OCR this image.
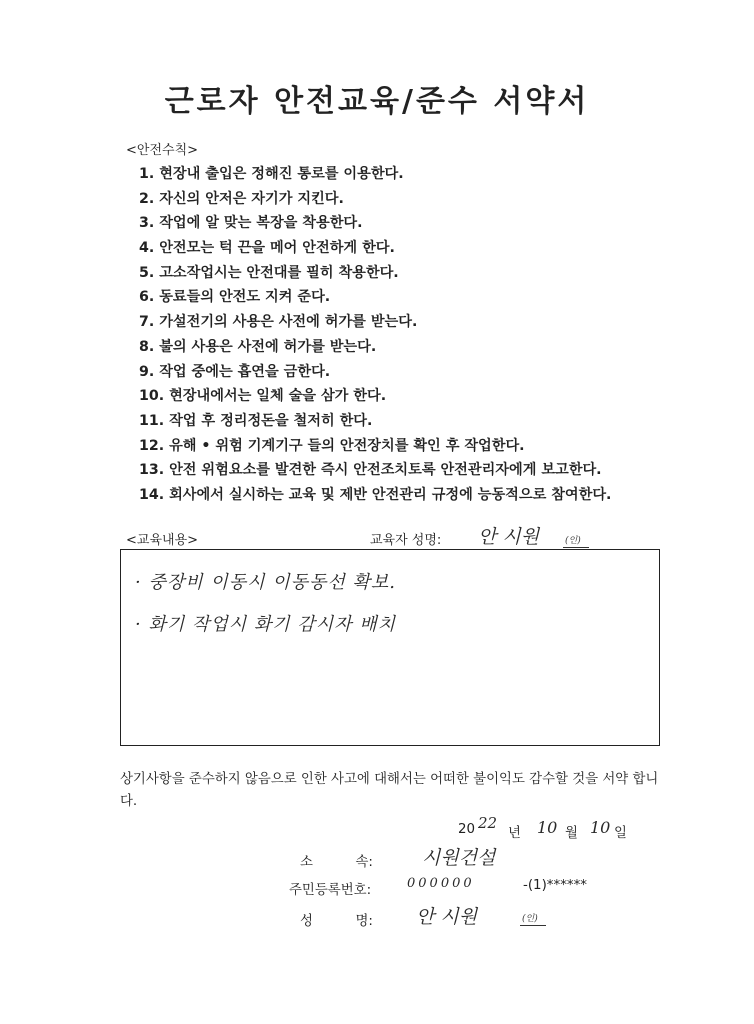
근로자 안전교육/준수 서약서
<안전수칙>
1. 현장내 출입은 정해진 통로를 이용한다.
2. 자신의 안저은 자기가 지킨다.
3. 작업에 알 맞는 복장을 착용한다.
4. 안전모는 턱 끈을 메어 안전하게 한다.
5. 고소작업시는 안전대를 필히 착용한다.
6. 동료들의 안전도 지켜 준다.
7. 가설전기의 사용은 사전에 허가를 받는다.
8. 불의 사용은 사전에 허가를 받는다.
9. 작업 중에는 흡연을 금한다.
10. 현장내에서는 일체 술을 삼가 한다.
11. 작업 후 정리정돈을 철저히 한다.
12. 유해 • 위험 기계기구 들의 안전장치를 확인 후 작업한다.
13. 안전 위험요소를 발견한 즉시 안전조치토록 안전관리자에게 보고한다.
14. 회사에서 실시하는 교육 및 제반 안전관리 규정에 능동적으로 참여한다.
<교육내용>	교육자 성명: 안 시원	(인)
· 중장비 이동시 이동동선 확보.
· 화기 작업시 화기 감시자 배치
상기사항을 준수하지 않음으로 인한 사고에 대해서는 어떠한 불이익도 감수할 것을 서약 합니다.
20 22
년 10 월 10 일
소          속:	시원건설
주민등록번호:	000000	-(1)******
성          명: 안 시원	(인)
